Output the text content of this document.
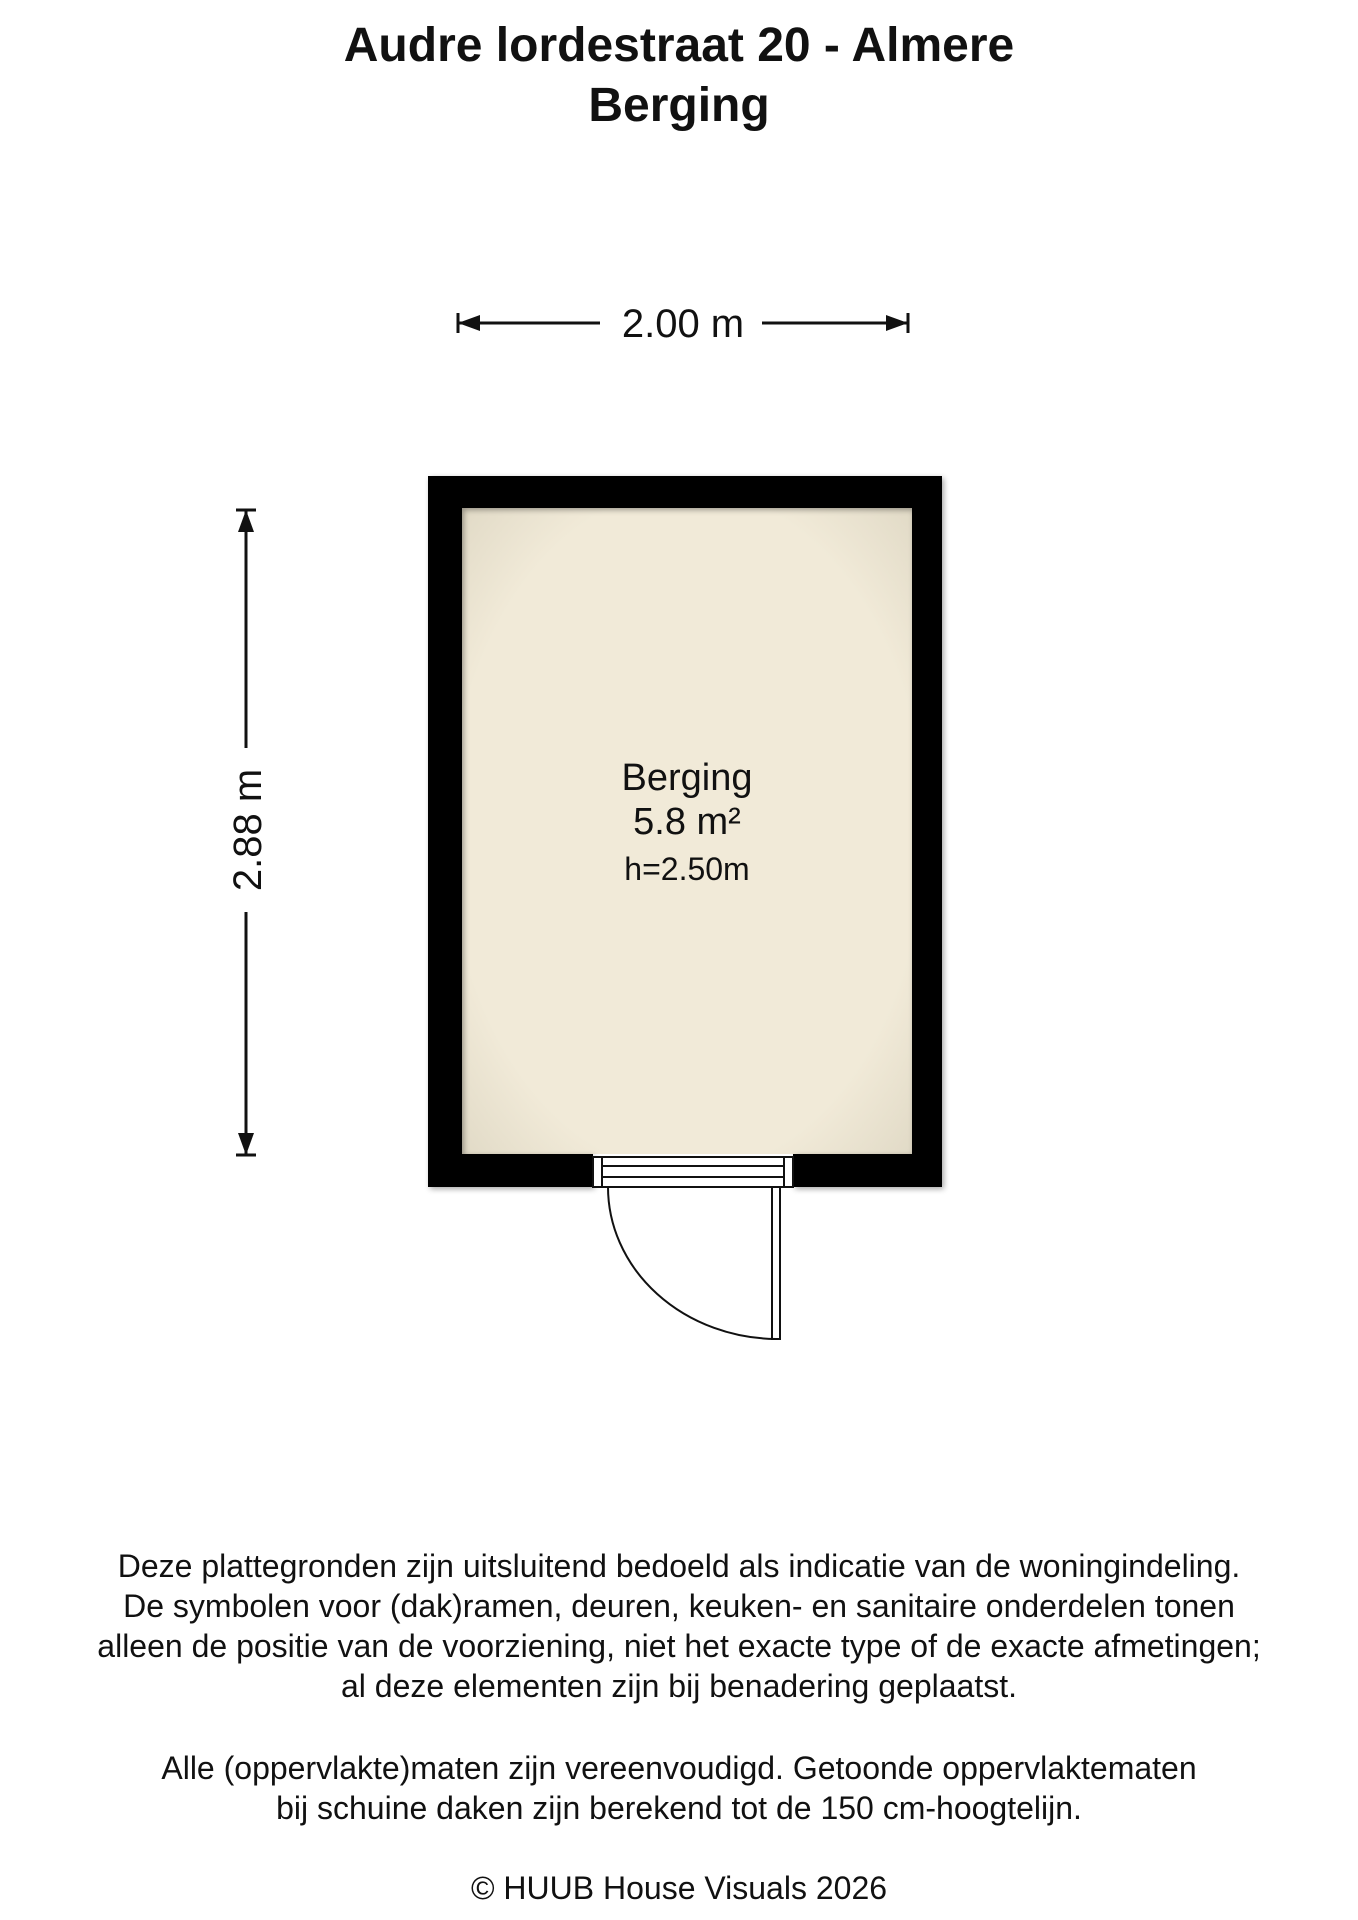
Audre lordestraat 20 - Almere
Berging
2.00 m
2.88 m	Berging
5.8 m²
h=2.50m

Deze plattegronden zijn uitsluitend bedoeld als indicatie van de woningindeling.
De symbolen voor (dak)ramen, deuren, keuken- en sanitaire onderdelen tonen
alleen de positie van de voorziening, niet het exacte type of de exacte afmetingen;
al deze elementen zijn bij benadering geplaatst.

Alle (oppervlakte)maten zijn vereenvoudigd. Getoonde oppervlaktematen
bij schuine daken zijn berekend tot de 150 cm-hoogtelijn.

© HUUB House Visuals 2026
